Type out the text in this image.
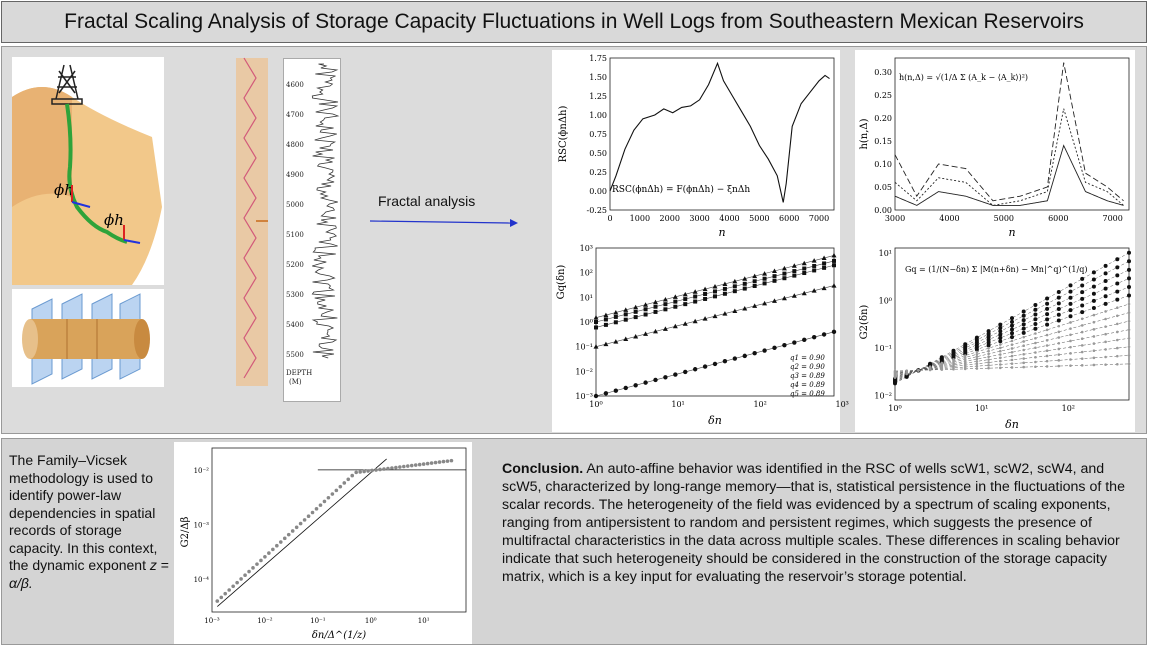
Fractal Scaling Analysis of Storage Capacity Fluctuations in Well Logs from Southeastern Mexican Reservoirs
ϕh
ϕh
4600
4700
4800
4900
5000
5100
5200
5300
5400
5500
DEPTH
(M)
Fractal analysis
0 1000 2000 3000 4000 5000 6000 7000
1.75
1.50
1.25
1.00
0.75
0.50
0.25
0.00
-0.25
n
RSC(ϕnΔh)
RSC(ϕnΔh) = F(ϕnΔh) − ξnΔh
3000	4000	5000	6000	7000
0.30
0.25
0.20
0.15
0.10
0.05
0.00
n
h(n,Δ)
h(n,Δ) = √(1/Δ Σ (A_k − ⟨A_k⟩)²)
10⁰	10¹	10²	10³
10³
10²
10¹
10⁰
10⁻¹
10⁻²
10⁻³
q1 = 0.90
q2 = 0.90
q3 = 0.89
q4 = 0.89
q5 = 0.89
δn
Gq(δn)
10⁰	10¹	10²
10¹
10⁰
10⁻¹
10⁻²
Gq = (1/(N−δn) Σ |M(n+δn) − Mn|^q)^(1/q)
δn
G2(δn)
10⁻³	10⁻²	10⁻¹	10⁰	10¹
10⁻²
10⁻³
10⁻⁴
δn/Δ^(1/z)
G2/Δβ
The Family–Vicsek methodology is used to identify power-law dependencies in spatial records of storage capacity. In this context, the dynamic exponent z = α/β.
Conclusion. An auto-affine behavior was identified in the RSC of wells scW1, scW2, scW4, and scW5, characterized by long-range memory—that is, statistical persistence in the fluctuations of the scalar records. The heterogeneity of the field was evidenced by a spectrum of scaling exponents, ranging from antipersistent to random and persistent regimes, which suggests the presence of multifractal characteristics in the data across multiple scales. These differences in scaling behavior indicate that such heterogeneity should be considered in the construction of the storage capacity matrix, which is a key input for evaluating the reservoir’s storage potential.
